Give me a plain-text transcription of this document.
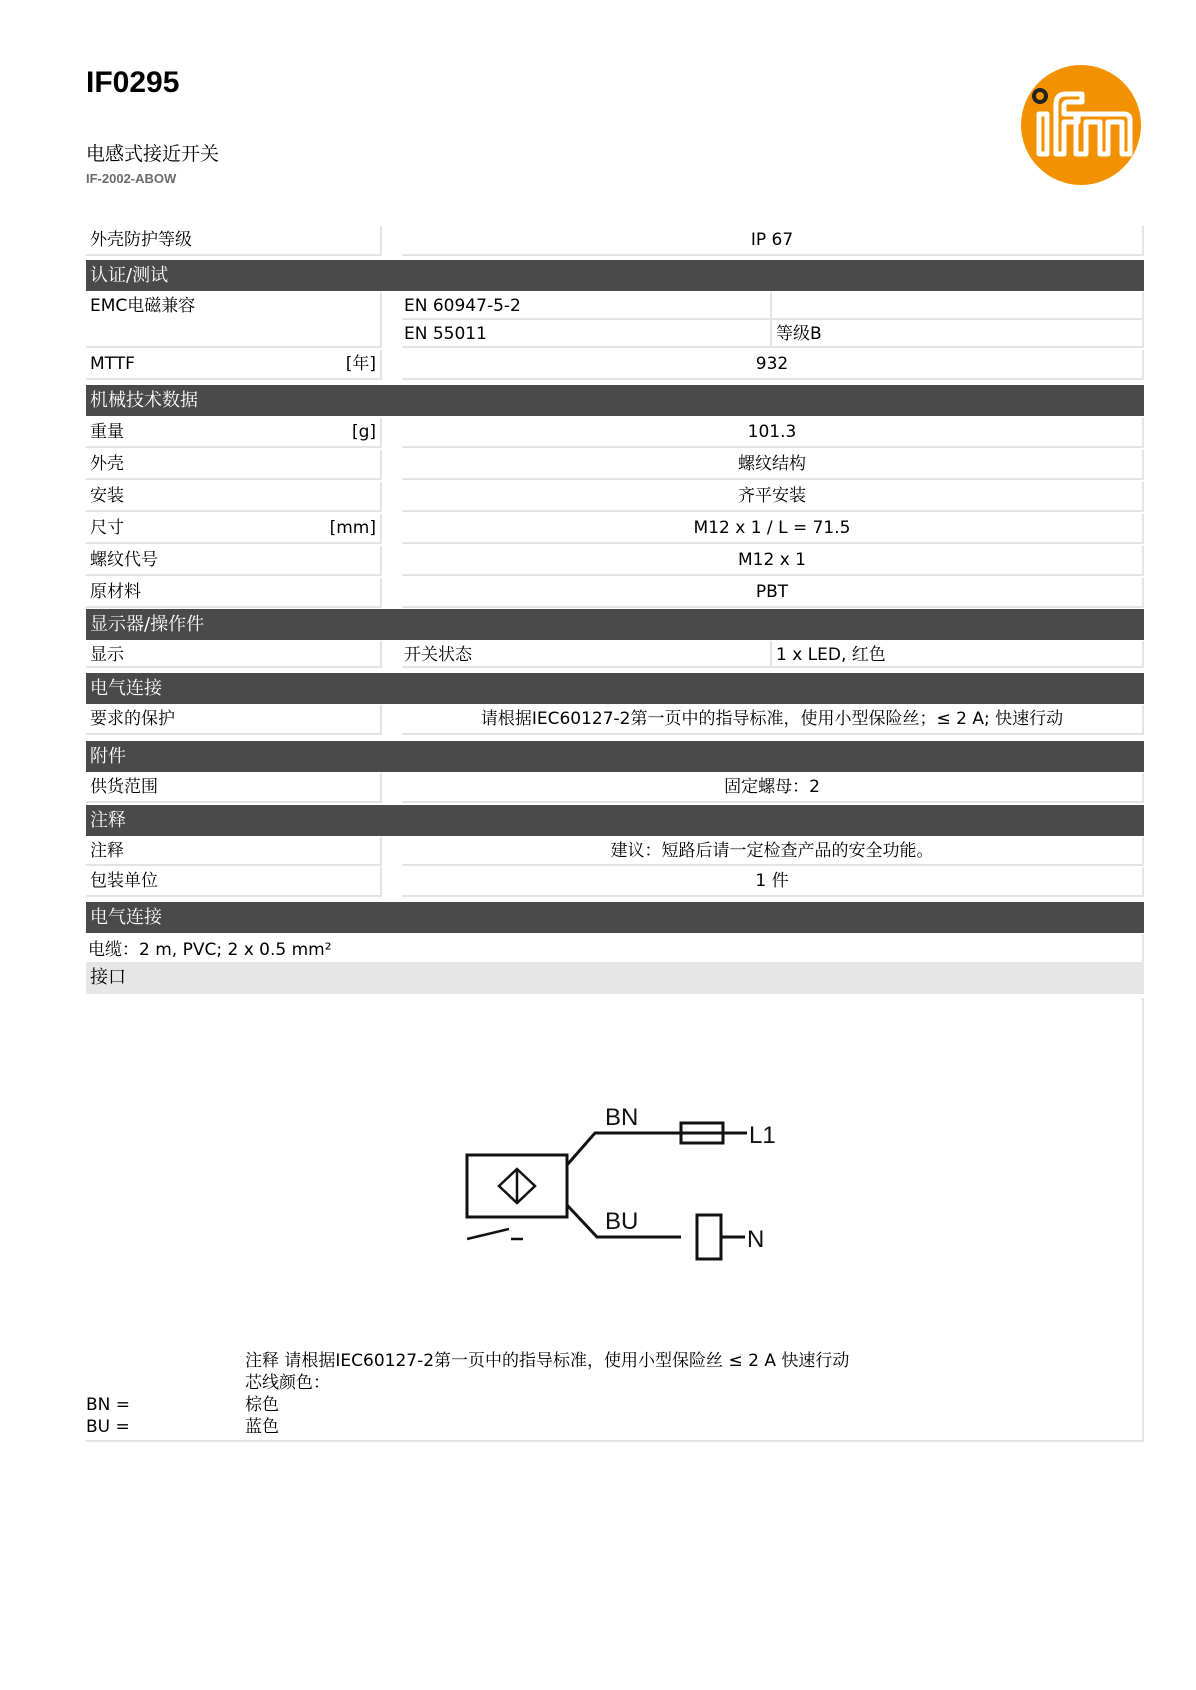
IF0295
电感式接近开关
IF-2002-ABOW
外壳防护等级	IP 67
认证/测试
EMC电磁兼容	EN 60947-5-2
EN 55011	等级B
MTTF	[年]	932
机械技术数据
重量	[g]	101.3
外壳	螺纹结构
安装	齐平安装
尺寸	[mm]	M12 x 1 / L = 71.5
螺纹代号	M12 x 1
原材料	PBT
显示器/操作件
显示	开关状态	1 x LED, 红色
电气连接
要求的保护	请根据IEC60127-2第一页中的指导标准，使用小型保险丝；≤ 2 A; 快速行动
附件
供货范围	固定螺母：2
注释
注释	建议：短路后请一定检查产品的安全功能。
包装单位	1 件
电气连接
电缆：2 m, PVC; 2 x 0.5 mm²
接口
BN
BU
L1
N
注释 请根据IEC60127-2第一页中的指导标准，使用小型保险丝 ≤ 2 A 快速行动
芯线颜色：
BN =	棕色
BU =	蓝色
